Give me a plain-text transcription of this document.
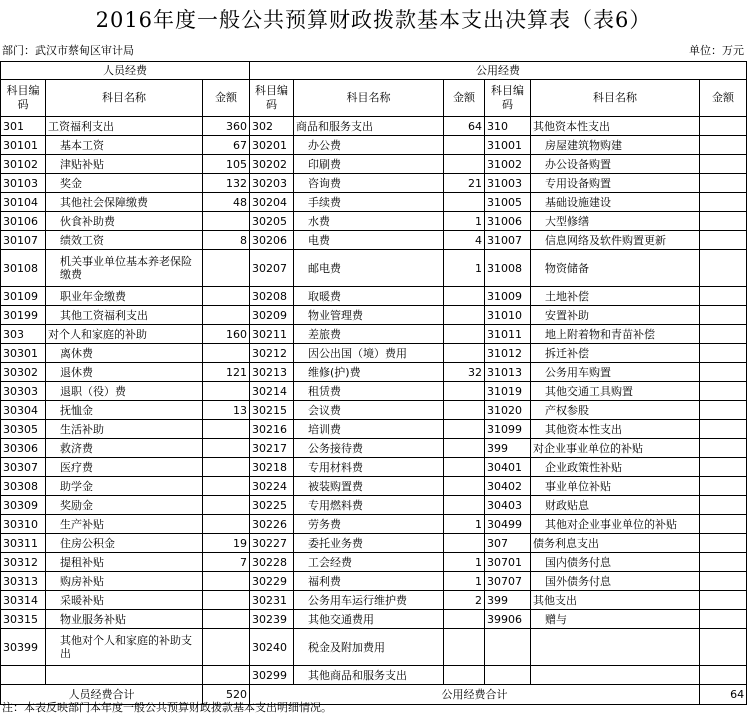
2016年度一般公共预算财政拨款基本支出决算表（表6）
部门：武汉市蔡甸区审计局	单位：万元
人员经费			公用经费					
科目编码	科目名称	金额	科目编码	科目名称	金额	科目编码	科目名称	金额
301	工资福利支出	360	302	商品和服务支出	64	310	其他资本性支出	
30101	基本工资	67	30201	办公费		31001	房屋建筑物购建	
30102	津贴补贴	105	30202	印刷费		31002	办公设备购置	
30103	奖金	132	30203	咨询费	21	31003	专用设备购置	
30104	其他社会保障缴费	48	30204	手续费		31005	基础设施建设	
30106	伙食补助费		30205	水费	1	31006	大型修缮	
30107	绩效工资	8	30206	电费	4	31007	信息网络及软件购置更新	
30108	机关事业单位基本养老保险缴费		30207	邮电费	1	31008	物资储备	
30109	职业年金缴费		30208	取暖费		31009	土地补偿	
30199	其他工资福利支出		30209	物业管理费		31010	安置补助	
303	对个人和家庭的补助	160	30211	差旅费		31011	地上附着物和青苗补偿	
30301	离休费		30212	因公出国（境）费用		31012	拆迁补偿	
30302	退休费	121	30213	维修(护)费	32	31013	公务用车购置	
30303	退职（役）费		30214	租赁费		31019	其他交通工具购置	
30304	抚恤金	13	30215	会议费		31020	产权参股	
30305	生活补助		30216	培训费		31099	其他资本性支出	
30306	救济费		30217	公务接待费		399	对企业事业单位的补贴	
30307	医疗费		30218	专用材料费		30401	企业政策性补贴	
30308	助学金		30224	被装购置费		30402	事业单位补贴	
30309	奖励金		30225	专用燃料费		30403	财政贴息	
30310	生产补贴		30226	劳务费	1	30499	其他对企业事业单位的补贴	
30311	住房公积金	19	30227	委托业务费		307	债务利息支出	
30312	提租补贴	7	30228	工会经费	1	30701	国内债务付息	
30313	购房补贴		30229	福利费	1	30707	国外债务付息	
30314	采暖补贴		30231	公务用车运行维护费	2	399	其他支出	
30315	物业服务补贴		30239	其他交通费用		39906	赠与	
30399	其他对个人和家庭的补助支出		30240	税金及附加费用				
			30299	其他商品和服务支出				
人员经费合计		520	公用经费合计					64
注：本表反映部门本年度一般公共预算财政拨款基本支出明细情况。
